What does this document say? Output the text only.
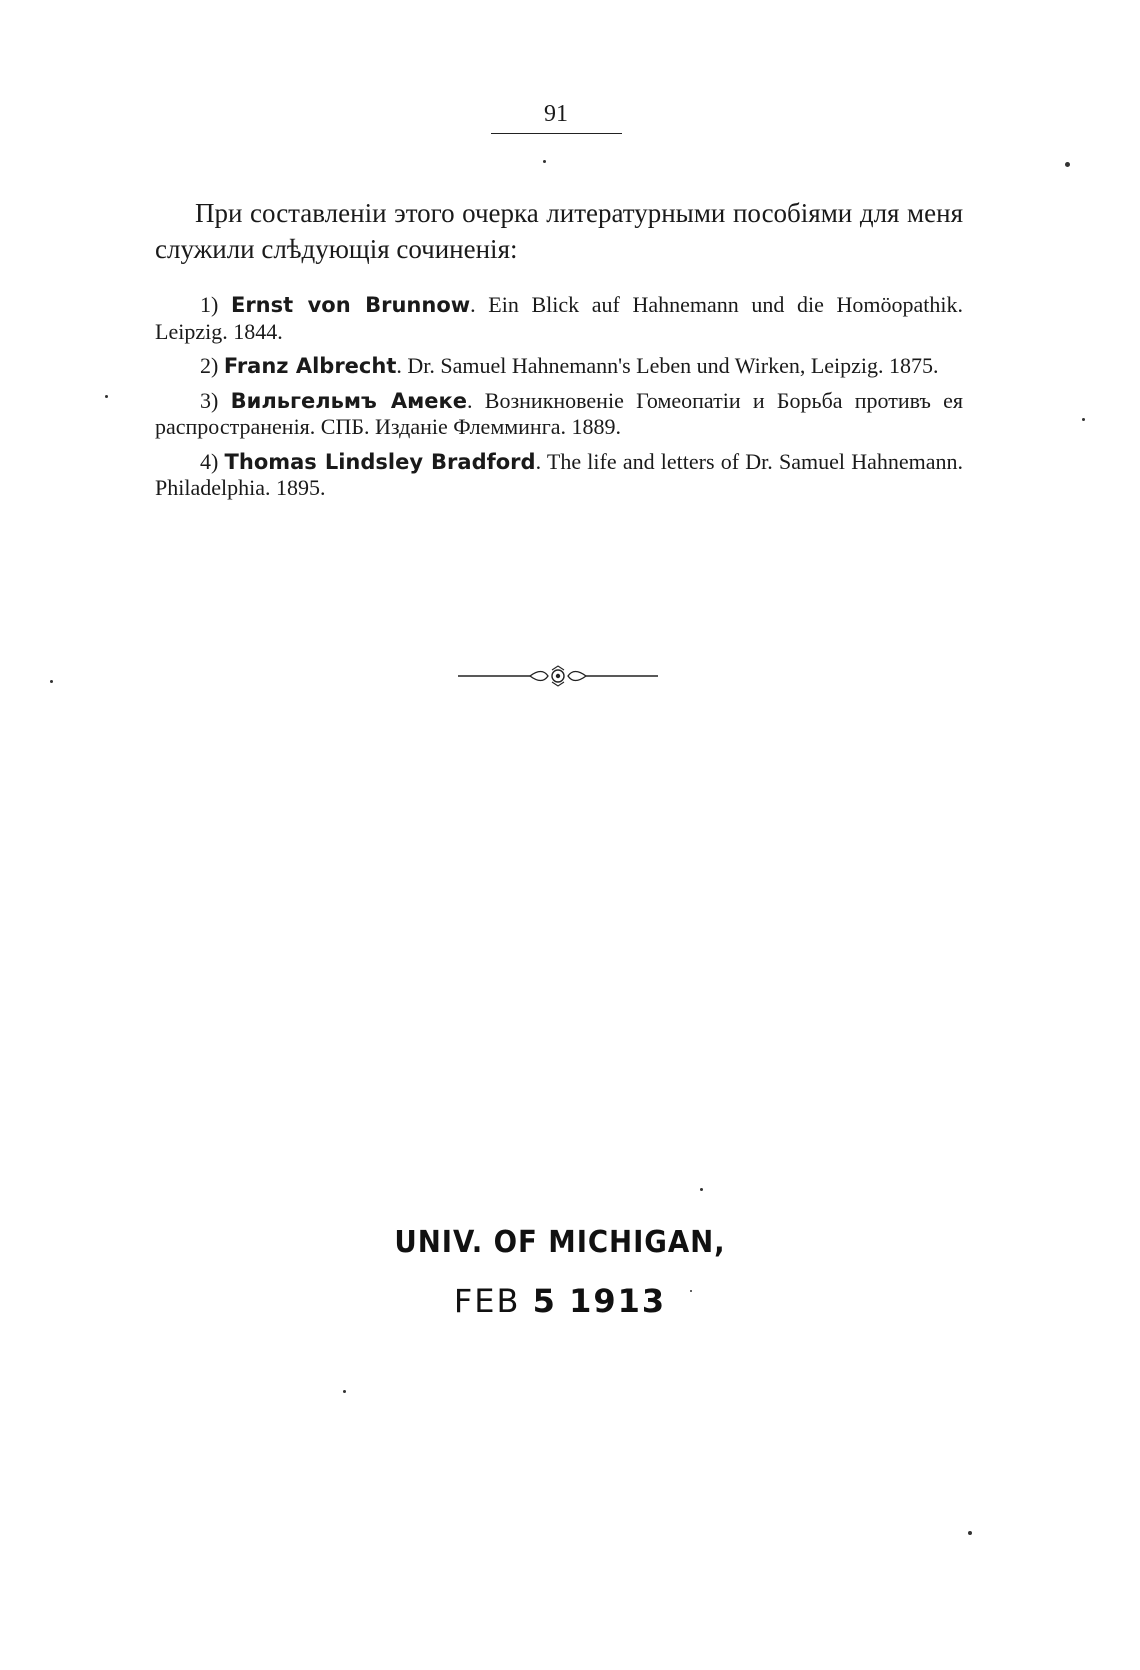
91

При составленіи этого очерка литературными пособіями для меня служили слѣдующія сочиненія:

1) Ernst von Brunnow. Ein Blick auf Hahnemann und die Homöopathik. Leipzig. 1844.
2) Franz Albrecht. Dr. Samuel Hahnemann's Leben und Wirken, Leipzig. 1875.
3) Вильгельмъ Амеке. Возникновеніе Гомеопатіи и Борьба противъ ея распространенія. СПБ. Изданіе Флемминга. 1889.
4) Thomas Lindsley Bradford. The life and letters of Dr. Samuel Hahnemann. Philadelphia. 1895.
UNIV. OF MICHIGAN,
FEB 5 1913
